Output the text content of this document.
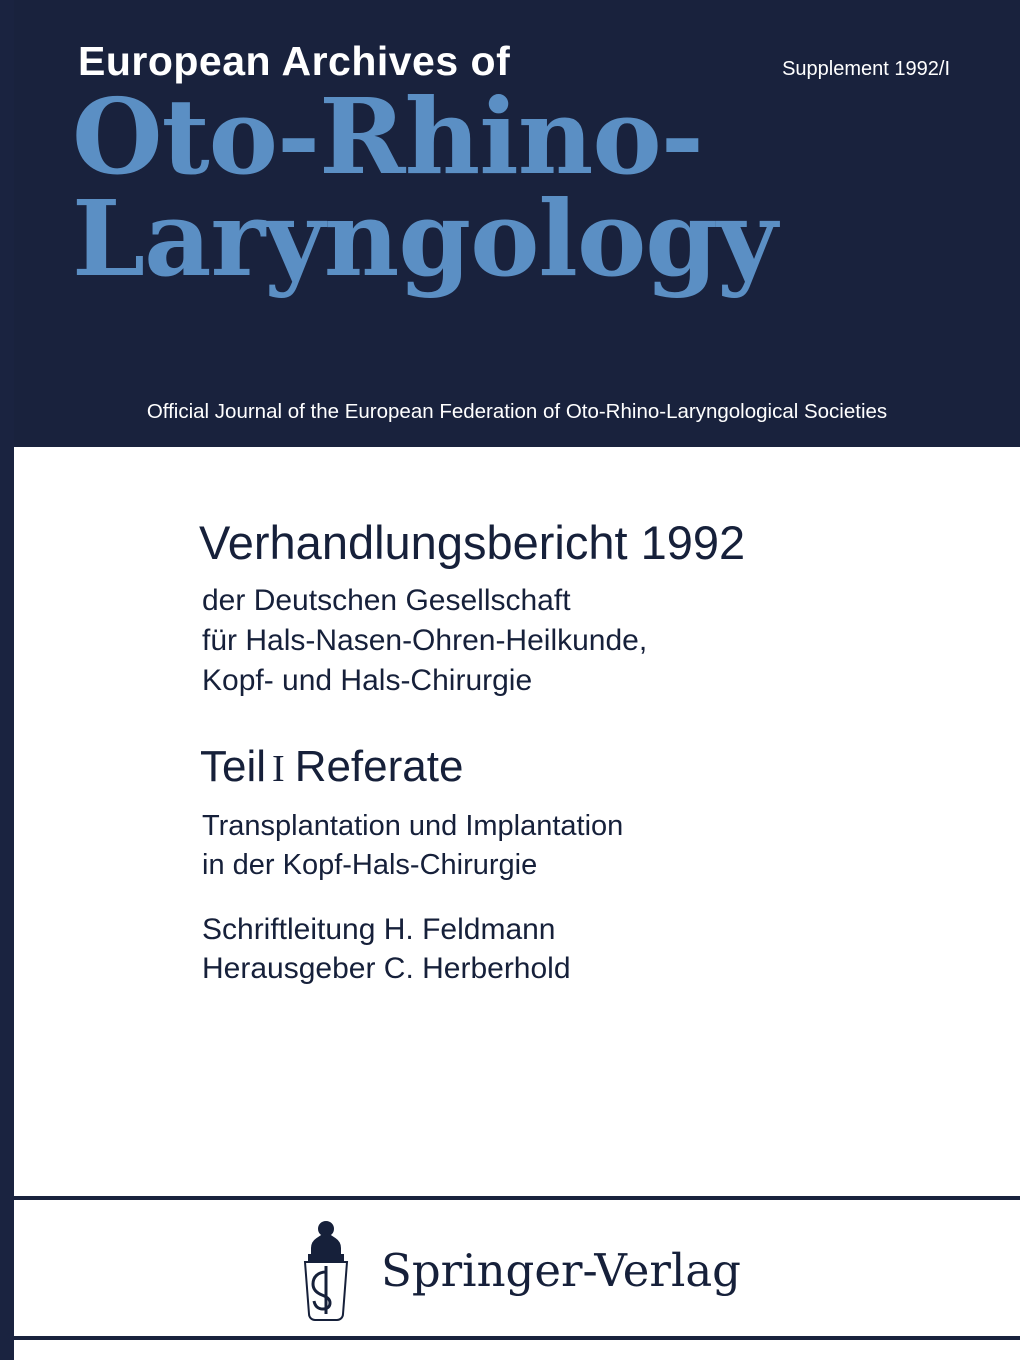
European Archives of	Supplement 1992/I
Oto-Rhino-
Laryngology
Official Journal of the European Federation of Oto-Rhino-Laryngological Societies
Verhandlungsbericht 1992
der Deutschen Gesellschaft
für Hals-Nasen-Ohren-Heilkunde,
Kopf- und Hals-Chirurgie
Teil I Referate
Transplantation und Implantation
in der Kopf-Hals-Chirurgie
Schriftleitung H. Feldmann
Herausgeber C. Herberhold
Springer-Verlag
